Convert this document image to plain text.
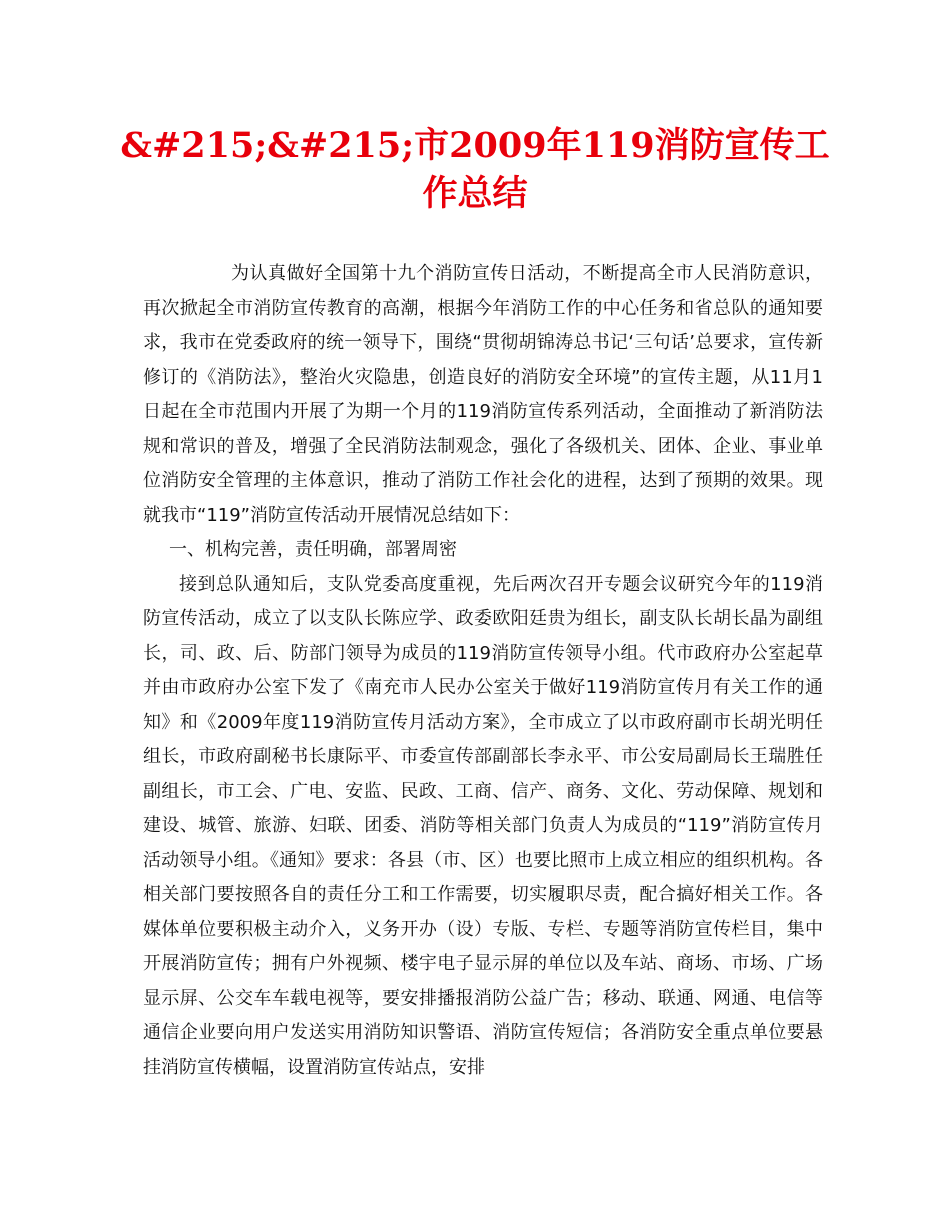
&#215;&#215;市2009年119消防宣传工作总结

为认真做好全国第十九个消防宣传日活动，不断提高全市人民消防意识，再次掀起全市消防宣传教育的高潮，根据今年消防工作的中心任务和省总队的通知要求，我市在党委政府的统一领导下，围绕“贯彻胡锦涛总书记‘三句话’总要求，宣传新修订的《消防法》，整治火灾隐患，创造良好的消防安全环境”的宣传主题，从11月1日起在全市范围内开展了为期一个月的119消防宣传系列活动，全面推动了新消防法规和常识的普及，增强了全民消防法制观念，强化了各级机关、团体、企业、事业单位消防安全管理的主体意识，推动了消防工作社会化的进程，达到了预期的效果。现就我市“119”消防宣传活动开展情况总结如下：

一、机构完善，责任明确，部署周密

接到总队通知后，支队党委高度重视，先后两次召开专题会议研究今年的119消防宣传活动，成立了以支队长陈应学、政委欧阳廷贵为组长，副支队长胡长晶为副组长，司、政、后、防部门领导为成员的119消防宣传领导小组。代市政府办公室起草并由市政府办公室下发了《南充市人民办公室关于做好119消防宣传月有关工作的通知》和《2009年度119消防宣传月活动方案》，全市成立了以市政府副市长胡光明任组长，市政府副秘书长康际平、市委宣传部副部长李永平、市公安局副局长王瑞胜任副组长，市工会、广电、安监、民政、工商、信产、商务、文化、劳动保障、规划和建设、城管、旅游、妇联、团委、消防等相关部门负责人为成员的“119”消防宣传月活动领导小组。《通知》要求：各县（市、区）也要比照市上成立相应的组织机构。各相关部门要按照各自的责任分工和工作需要，切实履职尽责，配合搞好相关工作。各媒体单位要积极主动介入，义务开办（设）专版、专栏、专题等消防宣传栏目，集中开展消防宣传；拥有户外视频、楼宇电子显示屏的单位以及车站、商场、市场、广场显示屏、公交车车载电视等，要安排播报消防公益广告；移动、联通、网通、电信等通信企业要向用户发送实用消防知识警语、消防宣传短信；各消防安全重点单位要悬挂消防宣传横幅，设置消防宣传站点，安排
